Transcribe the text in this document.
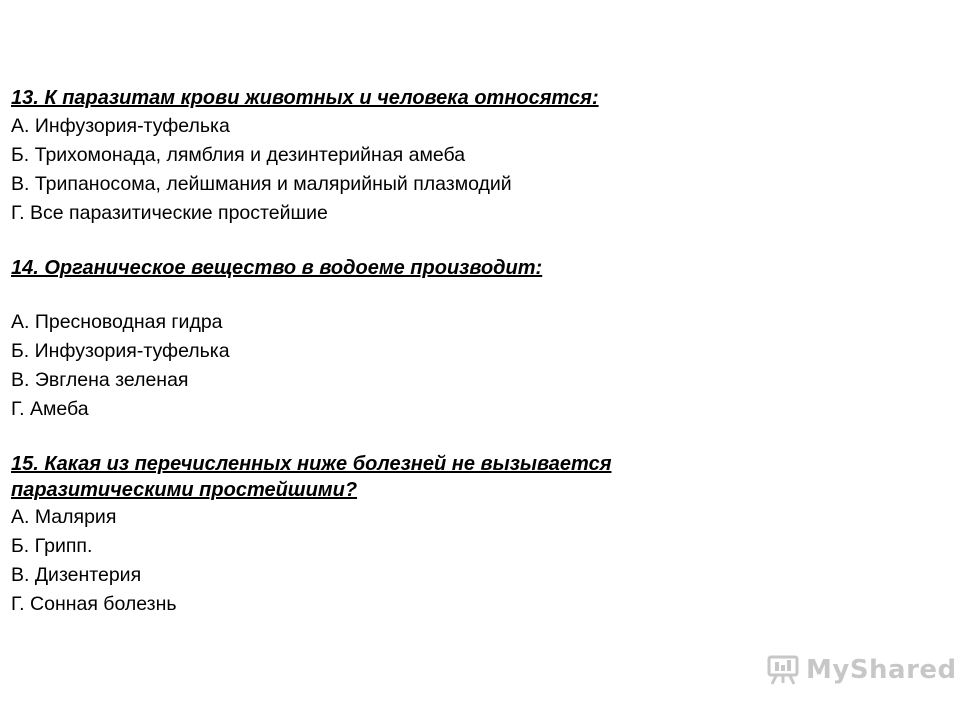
13. К паразитам крови животных и человека относятся:

А. Инфузория-туфелька

Б. Трихомонада, лямблия и дезинтерийная амеба

В. Трипаносома, лейшмания и малярийный плазмодий

Г. Все паразитические простейшие

14. Органическое вещество в водоеме производит:

А. Пресноводная гидра

Б. Инфузория-туфелька

В. Эвглена зеленая

Г. Амеба

15. Какая из перечисленных ниже болезней не вызывается

паразитическими простейшими?

А. Малярия

Б. Грипп.

В. Дизентерия

Г. Сонная болезнь

MyShared
